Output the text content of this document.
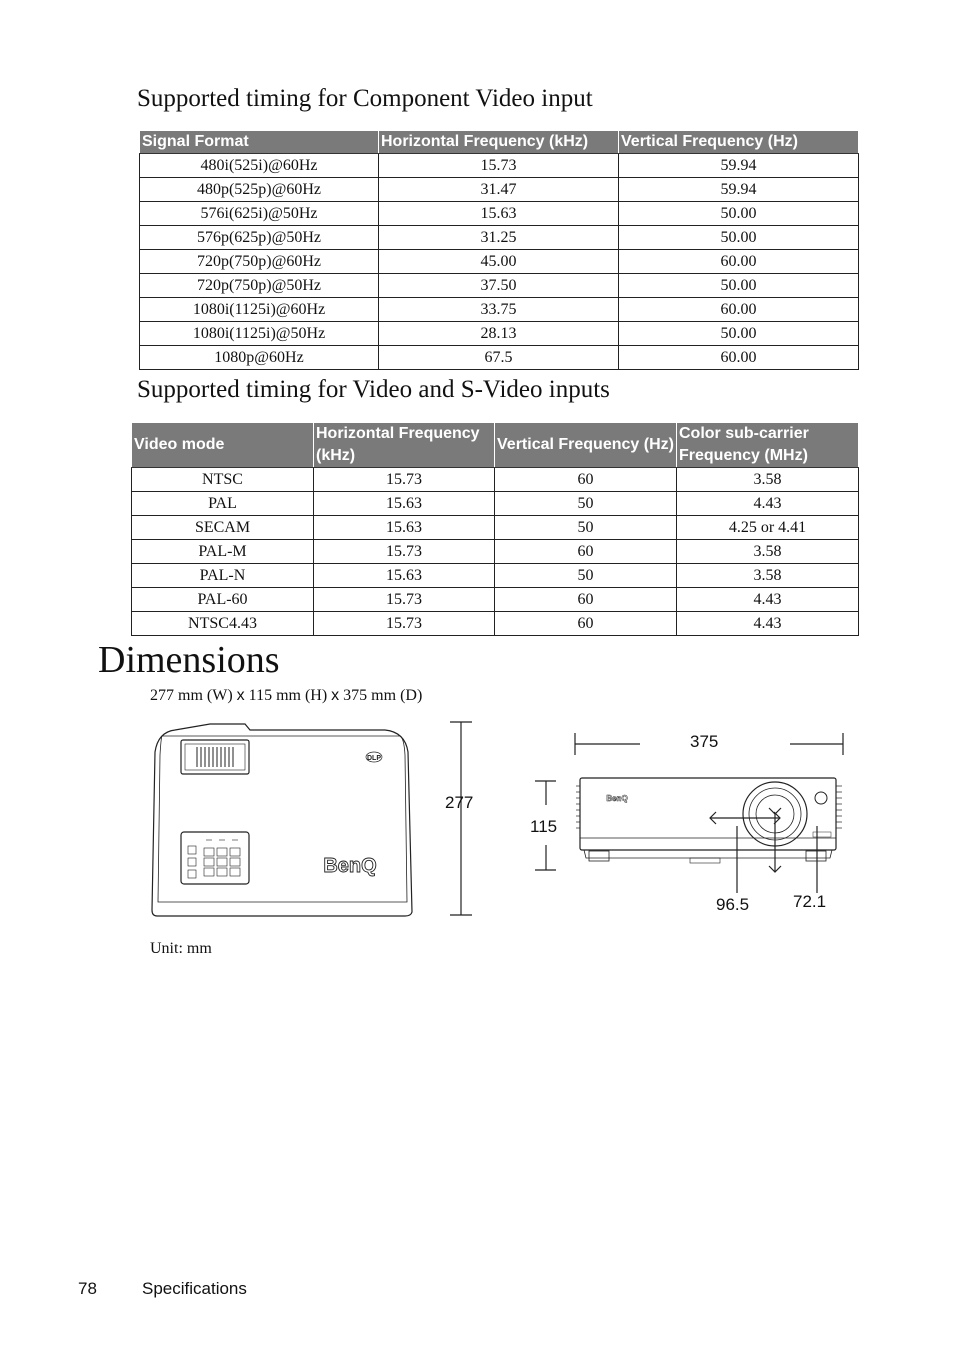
Supported timing for Component Video input
Signal Format	Horizontal Frequency (kHz)	Vertical Frequency (Hz)
480i(525i)@60Hz	15.73	59.94
480p(525p)@60Hz	31.47	59.94
576i(625i)@50Hz	15.63	50.00
576p(625p)@50Hz	31.25	50.00
720p(750p)@60Hz	45.00	60.00
720p(750p)@50Hz	37.50	50.00
1080i(1125i)@60Hz	33.75	60.00
1080i(1125i)@50Hz	28.13	50.00
1080p@60Hz	67.5	60.00
Supported timing for Video and S-Video inputs
Video mode	Horizontal Frequency (kHz)	Vertical Frequency (Hz)	Color sub-carrier Frequency (MHz)
NTSC	15.73	60	3.58
PAL	15.63	50	4.43
SECAM	15.63	50	4.25 or 4.41
PAL-M	15.73	60	3.58
PAL-N	15.63	50	3.58
PAL-60	15.73	60	4.43
NTSC4.43	15.73	60	4.43
Dimensions
277 mm (W) x 115 mm (H) x 375 mm (D)
DLP
BenQ
277
375
115
BenQ
96.5	72.1
Unit: mm
78	Specifications
